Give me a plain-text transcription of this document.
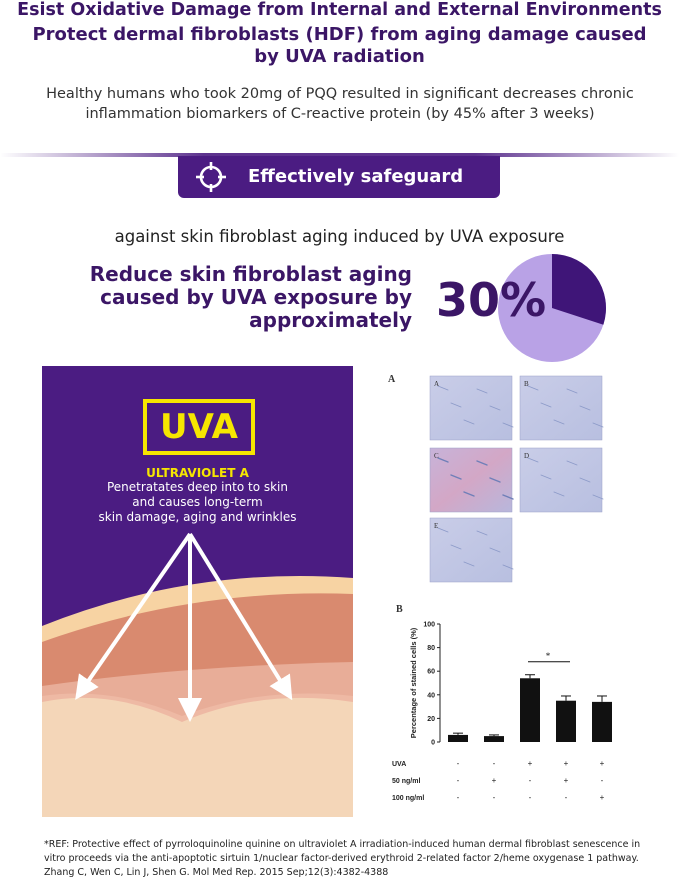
Esist Oxidative Damage from Internal and External Environments
Protect dermal fibroblasts (HDF) from aging damage caused
by UVA radiation
Healthy humans who took 20mg of PQQ resulted in significant decreases chronic
inflammation biomarkers of C-reactive protein (by 45% after 3 weeks)
Effectively safeguard
against skin fibroblast aging induced by UVA exposure
Reduce skin fibroblast aging
caused by UVA exposure by
approximately 30%
UVA
ULTRAVIOLET A
Penetratates deep into to skin
and causes long-term
skin damage, aging and wrinkles
A	A	B
C	D
E
B
0
20
40
60
80
100
Percentage of stained cells (%)	*
UVA	-	-	+	+	+
50 ng/ml	-	+	-	+	-
100 ng/ml	-	-	-	-	+
*REF: Protective effect of pyrroloquinoline quinine on ultraviolet A irradiation-induced human dermal fibroblast senescence in
vitro proceeds via the anti-apoptotic sirtuin 1/nuclear factor-derived erythroid 2-related factor 2/heme oxygenase 1 pathway.
Zhang C, Wen C, Lin J, Shen G. Mol Med Rep. 2015 Sep;12(3):4382-4388
